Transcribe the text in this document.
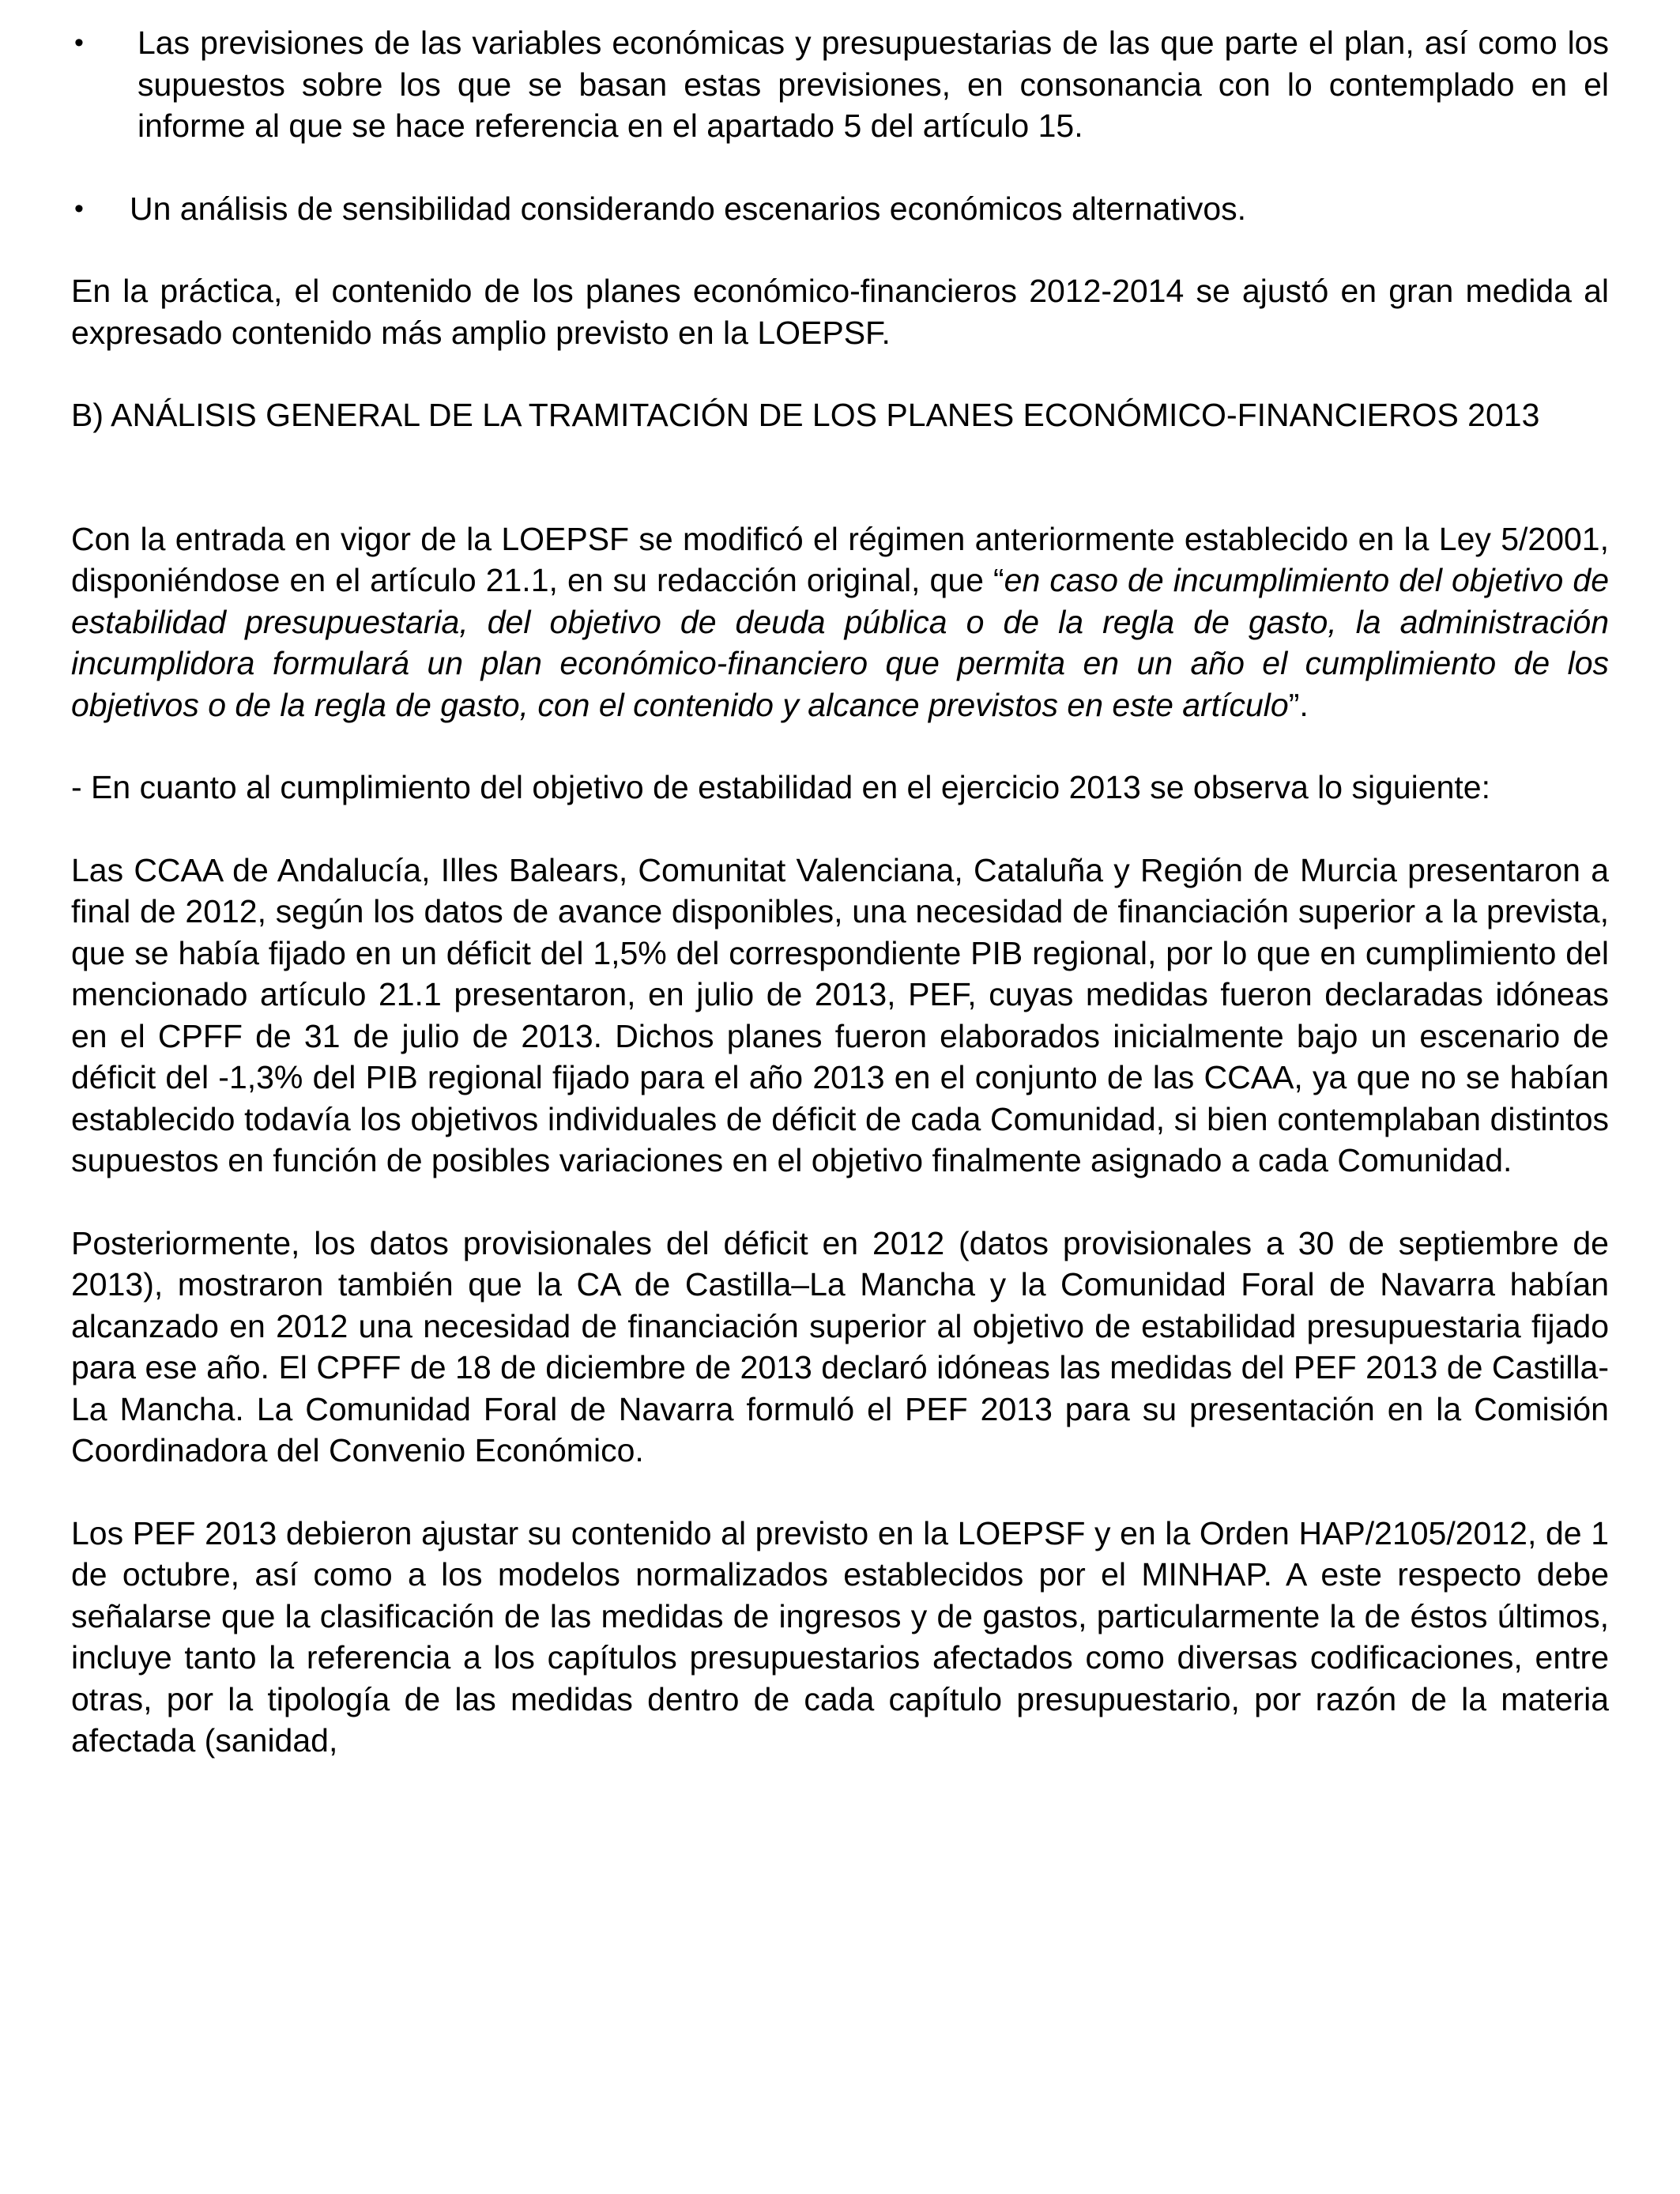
•	Las previsiones de las variables económicas y presupuestarias de las que parte el plan, así como los supuestos sobre los que se basan estas previsiones, en consonancia con lo contemplado en el informe al que se hace referencia en el apartado 5 del artículo 15.
•	Un análisis de sensibilidad considerando escenarios económicos alternativos.

En la práctica, el contenido de los planes económico-financieros 2012-2014 se ajustó en gran medida al expresado contenido más amplio previsto en la LOEPSF.

B) ANÁLISIS GENERAL DE LA TRAMITACIÓN DE LOS PLANES ECONÓMICO-FINANCIEROS 2013

Con la entrada en vigor de la LOEPSF se modificó el régimen anteriormente establecido en la Ley 5/2001, disponiéndose en el artículo 21.1, en su redacción original, que “en caso de incumplimiento del objetivo de estabilidad presupuestaria, del objetivo de deuda pública o de la regla de gasto, la administración incumplidora formulará un plan económico-financiero que permita en un año el cumplimiento de los objetivos o de la regla de gasto, con el contenido y alcance previstos en este artículo”.

- En cuanto al cumplimiento del objetivo de estabilidad en el ejercicio 2013 se observa lo siguiente:

Las CCAA de Andalucía, Illes Balears, Comunitat Valenciana, Cataluña y Región de Murcia presentaron a final de 2012, según los datos de avance disponibles, una necesidad de financiación superior a la prevista, que se había fijado en un déficit del 1,5% del correspondiente PIB regional, por lo que en cumplimiento del mencionado artículo 21.1 presentaron, en julio de 2013, PEF, cuyas medidas fueron declaradas idóneas en el CPFF de 31 de julio de 2013. Dichos planes fueron elaborados inicialmente bajo un escenario de déficit del -1,3% del PIB regional fijado para el año 2013 en el conjunto de las CCAA, ya que no se habían establecido todavía los objetivos individuales de déficit de cada Comunidad, si bien contemplaban distintos supuestos en función de posibles variaciones en el objetivo finalmente asignado a cada Comunidad.

Posteriormente, los datos provisionales del déficit en 2012 (datos provisionales a 30 de septiembre de 2013), mostraron también que la CA de Castilla–La Mancha y la Comunidad Foral de Navarra habían alcanzado en 2012 una necesidad de financiación superior al objetivo de estabilidad presupuestaria fijado para ese año. El CPFF de 18 de diciembre de 2013 declaró idóneas las medidas del PEF 2013 de Castilla-La Mancha. La Comunidad Foral de Navarra formuló el PEF 2013 para su presentación en la Comisión Coordinadora del Convenio Económico.

Los PEF 2013 debieron ajustar su contenido al previsto en la LOEPSF y en la Orden HAP/2105/2012, de 1 de octubre, así como a los modelos normalizados establecidos por el MINHAP. A este respecto debe señalarse que la clasificación de las medidas de ingresos y de gastos, particularmente la de éstos últimos, incluye tanto la referencia a los capítulos presupuestarios afectados como diversas codificaciones, entre otras, por la tipología de las medidas dentro de cada capítulo presupuestario, por razón de la materia afectada (sanidad,
